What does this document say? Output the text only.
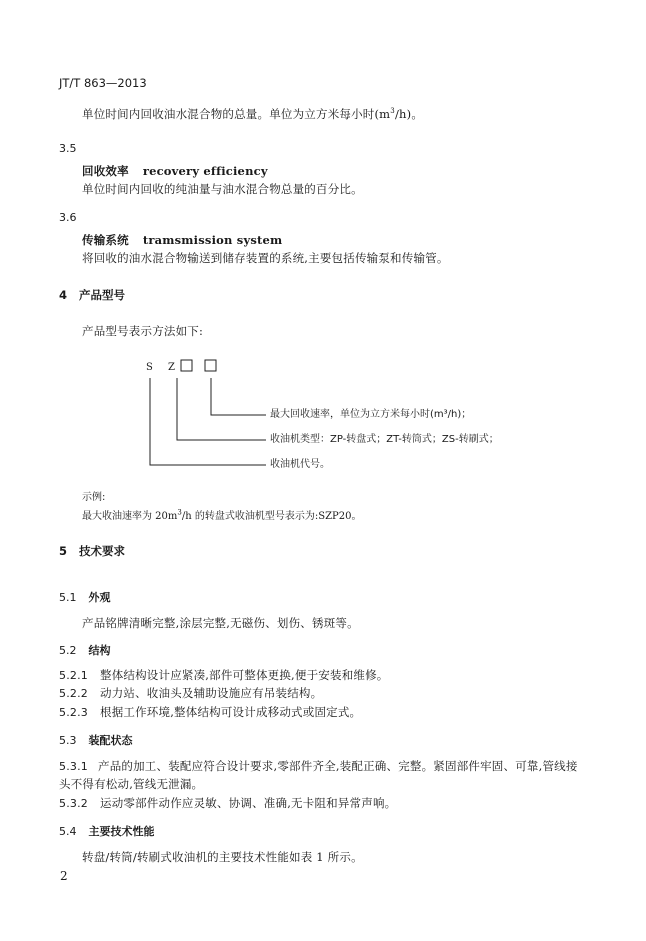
JT/T 863—2013
单位时间内回收油水混合物的总量。单位为立方米每小时$(m^3/h)$。
3.5
回收效率 recovery efficiency
单位时间内回收的纯油量与油水混合物总量的百分比。
3.6
传输系统 tramsmission system
将回收的油水混合物输送到储存装置的系统,主要包括传输泵和传输管。
4 产品型号
产品型号表示方法如下:
S Z
最大回收速率，单位为立方米每小时(m³/h)；
收油机类型：ZP-转盘式；ZT-转筒式；ZS-转刷式；
收油机代号。
示例:
最大收油速率为 $20m^3/h$ 的转盘式收油机型号表示为:SZP20。
5 技术要求
5.1 外观
产品铭牌清晰完整,涂层完整,无磁伤、划伤、锈斑等。
5.2 结构
5.2.1 整体结构设计应紧凑,部件可整体更换,便于安装和维修。
5.2.2 动力站、收油头及辅助设施应有吊装结构。
5.2.3 根据工作环境,整体结构可设计成移动式或固定式。
5.3 装配状态
5.3.1 产品的加工、装配应符合设计要求,零部件齐全,装配正确、完整。紧固部件牢固、可靠,管线接
头不得有松动,管线无泄漏。
5.3.2 运动零部件动作应灵敏、协调、准确,无卡阻和异常声响。
5.4 主要技术性能
转盘/转筒/转刷式收油机的主要技术性能如表 1 所示。
2
